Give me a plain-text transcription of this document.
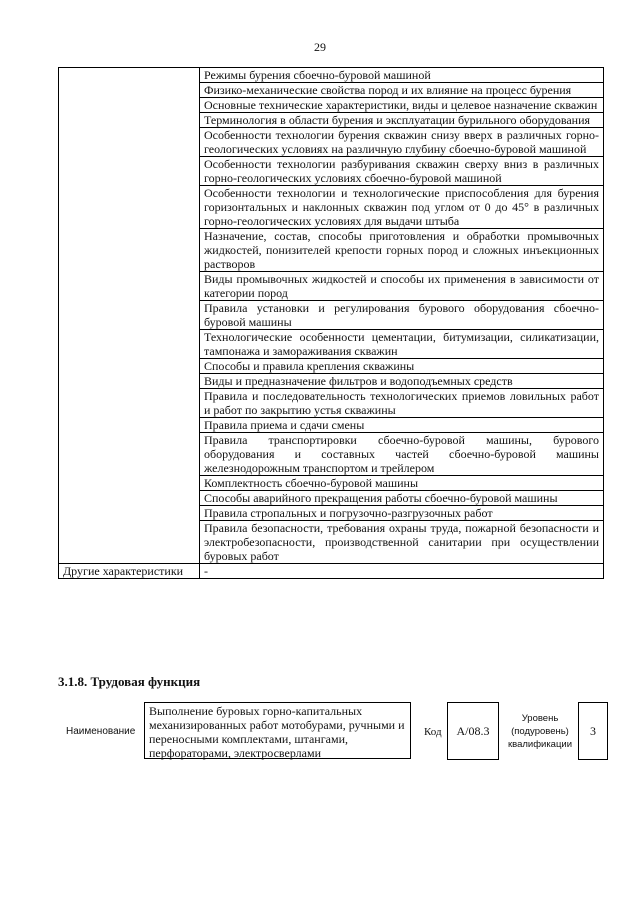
29
	Режимы бурения сбоечно-буровой машиной
	Физико-механические свойства пород и их влияние на процесс бурения
	Основные технические характеристики, виды и целевое назначение скважин
	Терминология в области бурения и эксплуатации бурильного оборудования
	Особенности технологии бурения скважин снизу вверх в различных горно-геологических условиях на различную глубину сбоечно-буровой машиной
	Особенности технологии разбуривания скважин сверху вниз в различных горно-геологических условиях сбоечно-буровой машиной
	Особенности технологии и технологические приспособления для бурения горизонтальных и наклонных скважин под углом от 0 до 45° в различных горно-геологических условиях для выдачи штыба
	Назначение, состав, способы приготовления и обработки промывочных жидкостей, понизителей крепости горных пород и сложных инъекционных растворов
	Виды промывочных жидкостей и способы их применения в зависимости от категории пород
	Правила установки и регулирования бурового оборудования сбоечно-буровой машины
	Технологические особенности цементации, битумизации, силикатизации, тампонажа и замораживания скважин
	Способы и правила крепления скважины
	Виды и предназначение фильтров и водоподъемных средств
	Правила и последовательность технологических приемов ловильных работ и работ по закрытию устья скважины
	Правила приема и сдачи смены
	Правила транспортировки сбоечно-буровой машины, бурового оборудования и составных частей сбоечно-буровой машины железнодорожным транспортом и трейлером
	Комплектность сбоечно-буровой машины
	Способы аварийного прекращения работы сбоечно-буровой машины
	Правила стропальных и погрузочно-разгрузочных работ
	Правила безопасности, требования охраны труда, пожарной безопасности и электробезопасности, производственной санитарии при осуществлении буровых работ
Другие характеристики	-
3.1.8. Трудовая функция
Наименование
Выполнение буровых горно-капитальных механизированных работ мотобурами, ручными и переносными комплектами, штангами, перфораторами, электросверлами
Код	А/08.3
Уровень (подуровень) квалификации
3
